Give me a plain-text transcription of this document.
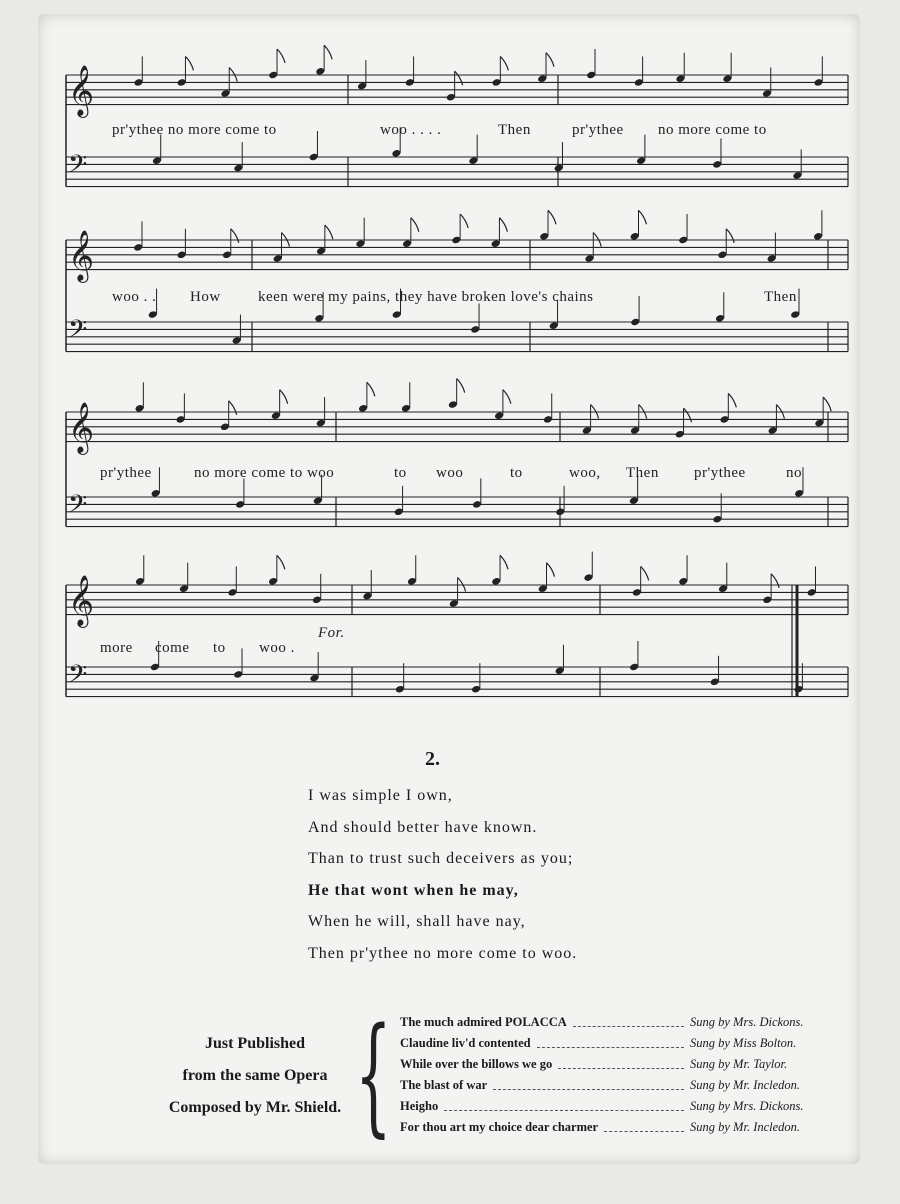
𝄞
𝄢
𝄞
𝄢
𝄞
𝄢
𝄞
𝄢
pr'ythee no more come to	woo . . . .	Then	pr'ythee no more come to
woo . . How keen were my pains, they have broken love's chains	Then
pr'ythee	no more come to woo	to woo	to	woo, Then pr'ythee	no
more come to woo .
For.
2.
I was simple I own,
And should better have known.
Than to trust such deceivers as you;
He that wont when he may,
When he will, shall have nay,
Then pr'ythee no more come to woo.
Just Published
from the same Opera
Composed by Mr. Shield. { The much admired POLACCA	Sung by Mrs. Dickons.
Claudine liv'd contented	Sung by Miss Bolton.
While over the billows we go	Sung by Mr. Taylor.
The blast of war	Sung by Mr. Incledon.
Heigho	Sung by Mrs. Dickons.
For thou art my choice dear charmer	Sung by Mr. Incledon.
